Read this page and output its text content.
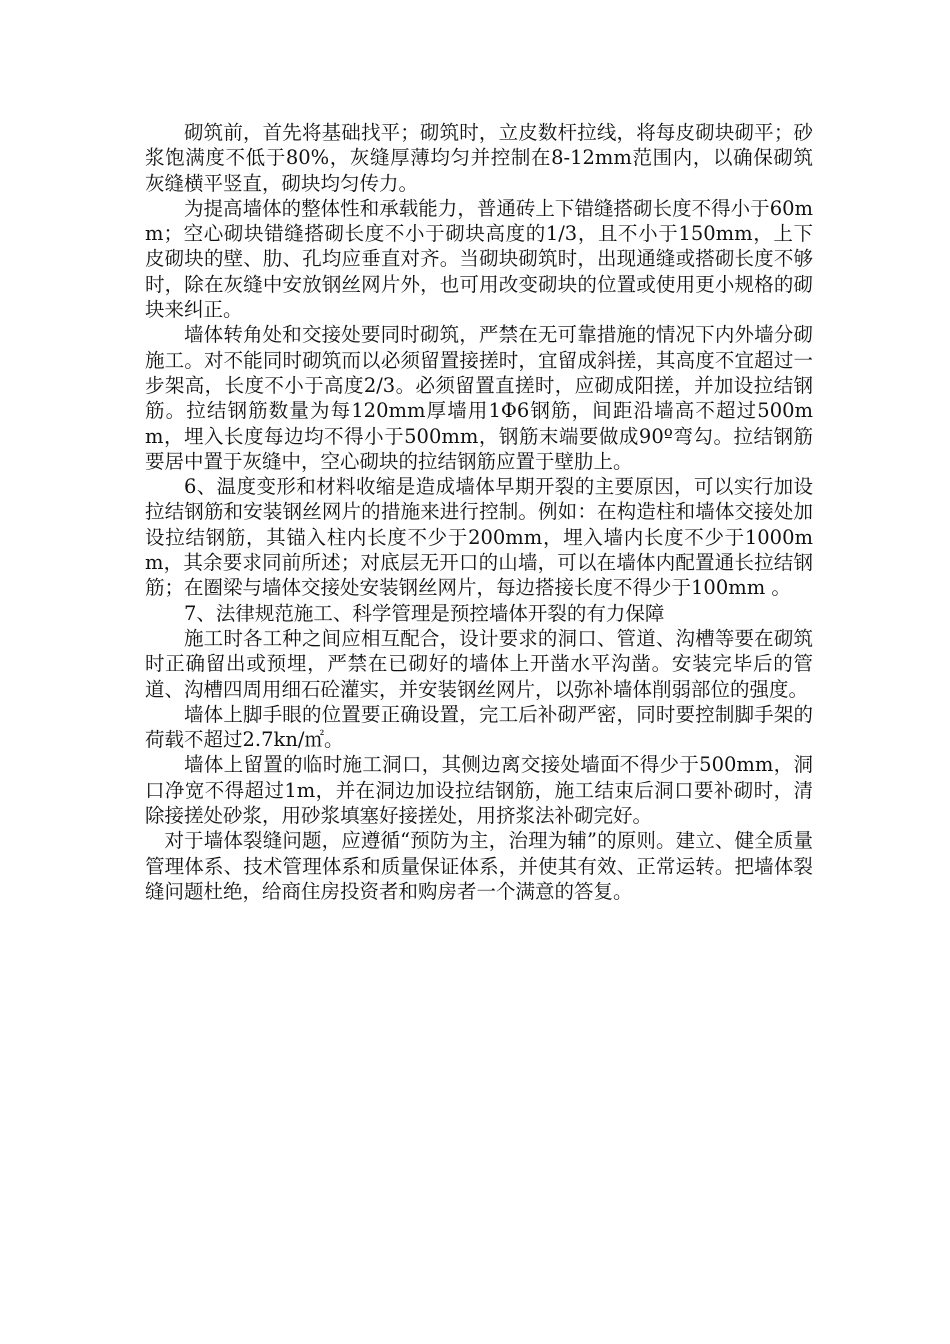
砌筑前，首先将基础找平；砌筑时，立皮数杆拉线，将每皮砌块砌平；砂浆饱满度不低于80%，灰缝厚薄均匀并控制在8-12mm范围内，以确保砌筑灰缝横平竖直，砌块均匀传力。

为提高墙体的整体性和承载能力，普通砖上下错缝搭砌长度不得小于60mm；空心砌块错缝搭砌长度不小于砌块高度的1/3，且不小于150mm，上下皮砌块的壁、肋、孔均应垂直对齐。当砌块砌筑时，出现通缝或搭砌长度不够时，除在灰缝中安放钢丝网片外，也可用改变砌块的位置或使用更小规格的砌块来纠正。

墙体转角处和交接处要同时砌筑，严禁在无可靠措施的情况下内外墙分砌施工。对不能同时砌筑而以必须留置接搓时，宜留成斜搓，其高度不宜超过一步架高，长度不小于高度2/3。必须留置直搓时，应砌成阳搓，并加设拉结钢筋。拉结钢筋数量为每120mm厚墙用1Φ6钢筋，间距沿墙高不超过500mm，埋入长度每边均不得小于500mm，钢筋末端要做成90º弯勾。拉结钢筋要居中置于灰缝中，空心砌块的拉结钢筋应置于壁肋上。

6、温度变形和材料收缩是造成墙体早期开裂的主要原因，可以实行加设拉结钢筋和安装钢丝网片的措施来进行控制。例如：在构造柱和墙体交接处加设拉结钢筋，其锚入柱内长度不少于200mm，埋入墙内长度不少于1000mm，其余要求同前所述；对底层无开口的山墙，可以在墙体内配置通长拉结钢筋；在圈梁与墙体交接处安装钢丝网片，每边搭接长度不得少于100mm 。

7、法律规范施工、科学管理是预控墙体开裂的有力保障

施工时各工种之间应相互配合，设计要求的洞口、管道、沟槽等要在砌筑时正确留出或预埋，严禁在已砌好的墙体上开凿水平沟凿。安装完毕后的管道、沟槽四周用细石砼灌实，并安装钢丝网片，以弥补墙体削弱部位的强度。

墙体上脚手眼的位置要正确设置，完工后补砌严密，同时要控制脚手架的荷载不超过2.7kn/㎡。

墙体上留置的临时施工洞口，其侧边离交接处墙面不得少于500mm，洞口净宽不得超过1m，并在洞边加设拉结钢筋，施工结束后洞口要补砌时，清除接搓处砂浆，用砂浆填塞好接搓处，用挤浆法补砌完好。

对于墙体裂缝问题，应遵循“预防为主，治理为辅”的原则。建立、健全质量管理体系、技术管理体系和质量保证体系，并使其有效、正常运转。把墙体裂缝问题杜绝，给商住房投资者和购房者一个满意的答复。
